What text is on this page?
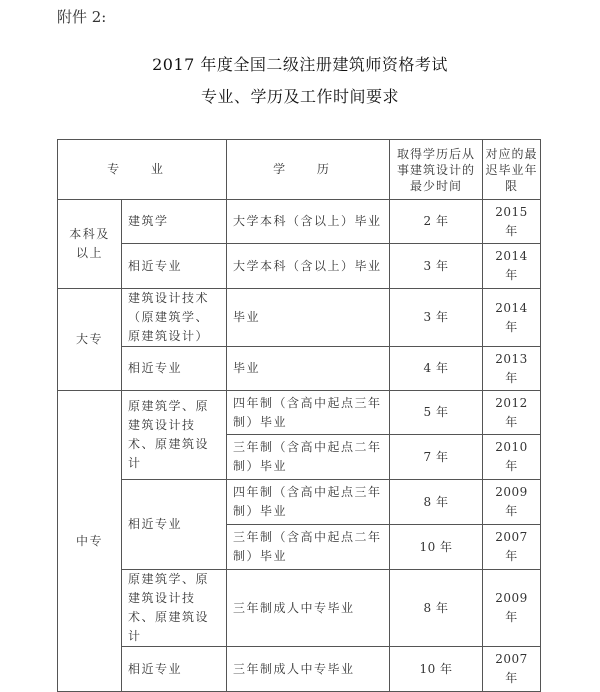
附件 2:
2017 年度全国二级注册建筑师资格考试
专业、学历及工作时间要求
专 业		学 历	取得学历后从事建筑设计的最少时间	对应的最迟毕业年限
本科及以上	建筑学	大学本科（含以上）毕业	2 年	2015 年
	相近专业	大学本科（含以上）毕业	3 年	2014 年
大专	建筑设计技术（原建筑学、原建筑设计）	毕业	3 年	2014 年
	相近专业	毕业	4 年	2013 年
中专	原建筑学、原建筑设计技术、原建筑设计	四年制（含高中起点三年制）毕业	5 年	2012 年
		三年制（含高中起点二年制）毕业	7 年	2010 年
	相近专业	四年制（含高中起点三年制）毕业	8 年	2009 年
		三年制（含高中起点二年制）毕业	10 年	2007 年
	原建筑学、原建筑设计技术、原建筑设计	三年制成人中专毕业	8 年	2009 年
	相近专业	三年制成人中专毕业	10 年	2007 年
